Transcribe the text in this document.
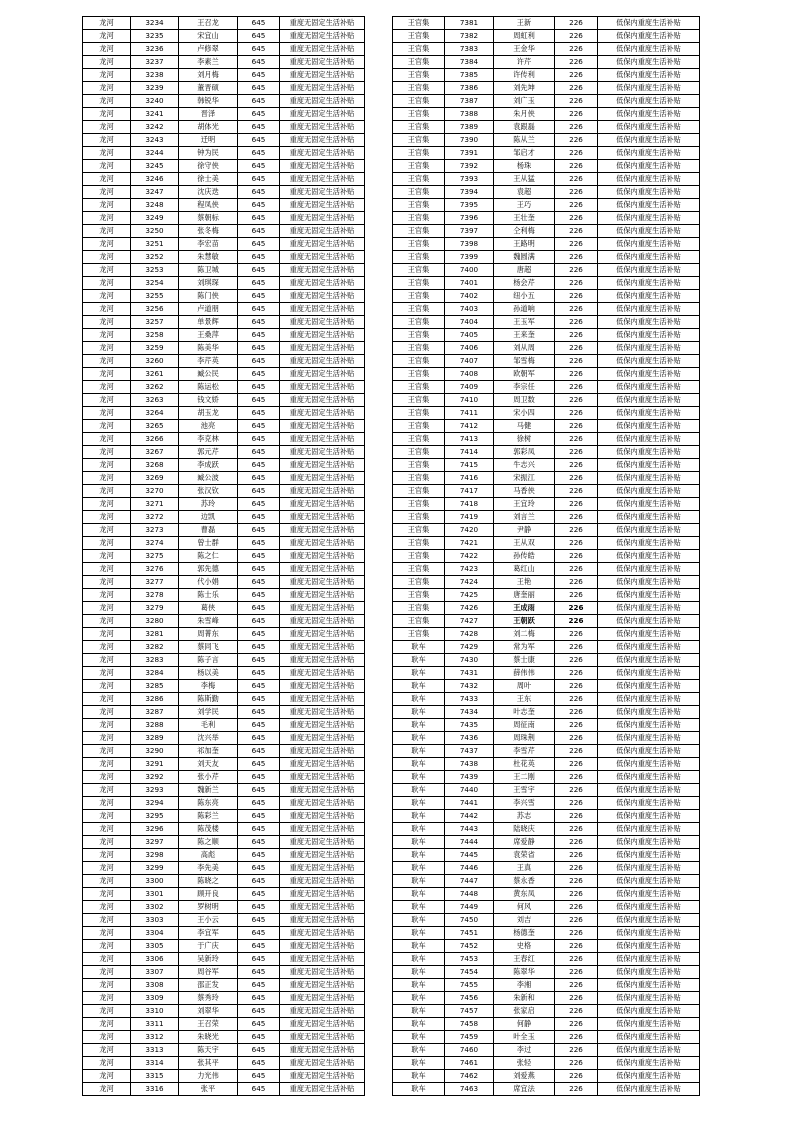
龙河	3234	王召龙	645	重度无固定生活补贴
龙河	3235	宋宜山	645	重度无固定生活补贴
龙河	3236	卢修翠	645	重度无固定生活补贴
龙河	3237	李素兰	645	重度无固定生活补贴
龙河	3238	刘月梅	645	重度无固定生活补贴
龙河	3239	董晋硕	645	重度无固定生活补贴
龙河	3240	韩锐华	645	重度无固定生活补贴
龙河	3241	晋泽	645	重度无固定生活补贴
龙河	3242	胡体光	645	重度无固定生活补贴
龙河	3243	迁明	645	重度无固定生活补贴
龙河	3244	钟为民	645	重度无固定生活补贴
龙河	3245	徐守侠	645	重度无固定生活补贴
龙河	3246	徐士美	645	重度无固定生活补贴
龙河	3247	沈庆迭	645	重度无固定生活补贴
龙河	3248	程凤侠	645	重度无固定生活补贴
龙河	3249	蔡朝标	645	重度无固定生活补贴
龙河	3250	张冬梅	645	重度无固定生活补贴
龙河	3251	李宏苗	645	重度无固定生活补贴
龙河	3252	朱慧敏	645	重度无固定生活补贴
龙河	3253	陈卫城	645	重度无固定生活补贴
龙河	3254	刘琪琛	645	重度无固定生活补贴
龙河	3255	陈门侠	645	重度无固定生活补贴
龙河	3256	卢道朋	645	重度无固定生活补贴
龙河	3257	单景辉	645	重度无固定生活补贴
龙河	3258	王桑萍	645	重度无固定生活补贴
龙河	3259	陈美华	645	重度无固定生活补贴
龙河	3260	李芹英	645	重度无固定生活补贴
龙河	3261	臧公民	645	重度无固定生活补贴
龙河	3262	陈运松	645	重度无固定生活补贴
龙河	3263	钱文娇	645	重度无固定生活补贴
龙河	3264	胡玉龙	645	重度无固定生活补贴
龙河	3265	池亮	645	重度无固定生活补贴
龙河	3266	李克林	645	重度无固定生活补贴
龙河	3267	郭元芹	645	重度无固定生活补贴
龙河	3268	李成跃	645	重度无固定生活补贴
龙河	3269	臧公波	645	重度无固定生活补贴
龙河	3270	张汉钦	645	重度无固定生活补贴
龙河	3271	苏玲	645	重度无固定生活补贴
龙河	3272	边凯	645	重度无固定生活补贴
龙河	3273	曹磊	645	重度无固定生活补贴
龙河	3274	曾士群	645	重度无固定生活补贴
龙河	3275	陈之仁	645	重度无固定生活补贴
龙河	3276	郭先德	645	重度无固定生活补贴
龙河	3277	代小娟	645	重度无固定生活补贴
龙河	3278	陈士乐	645	重度无固定生活补贴
龙河	3279	葛侠	645	重度无固定生活补贴
龙河	3280	朱雪峰	645	重度无固定生活补贴
龙河	3281	周菁东	645	重度无固定生活补贴
龙河	3282	蔡同飞	645	重度无固定生活补贴
龙河	3283	陈子言	645	重度无固定生活补贴
龙河	3284	杨以美	645	重度无固定生活补贴
龙河	3285	李梅	645	重度无固定生活补贴
龙河	3286	陈斯勤	645	重度无固定生活补贴
龙河	3287	刘学民	645	重度无固定生活补贴
龙河	3288	毛利	645	重度无固定生活补贴
龙河	3289	沈兴举	645	重度无固定生活补贴
龙河	3290	祁加奎	645	重度无固定生活补贴
龙河	3291	刘天友	645	重度无固定生活补贴
龙河	3292	张小芹	645	重度无固定生活补贴
龙河	3293	魏新兰	645	重度无固定生活补贴
龙河	3294	陈东亮	645	重度无固定生活补贴
龙河	3295	陈彩兰	645	重度无固定生活补贴
龙河	3296	陈茂楼	645	重度无固定生活补贴
龙河	3297	陈之顺	645	重度无固定生活补贴
龙河	3298	高彪	645	重度无固定生活补贴
龙河	3299	李先美	645	重度无固定生活补贴
龙河	3300	陈晓之	645	重度无固定生活补贴
龙河	3301	顾开良	645	重度无固定生活补贴
龙河	3302	罗树明	645	重度无固定生活补贴
龙河	3303	王小云	645	重度无固定生活补贴
龙河	3304	李宜军	645	重度无固定生活补贴
龙河	3305	于广庆	645	重度无固定生活补贴
龙河	3306	吴新玲	645	重度无固定生活补贴
龙河	3307	周谷军	645	重度无固定生活补贴
龙河	3308	邵正发	645	重度无固定生活补贴
龙河	3309	蔡秀玲	645	重度无固定生活补贴
龙河	3310	刘翠华	645	重度无固定生活补贴
龙河	3311	王召荣	645	重度无固定生活补贴
龙河	3312	朱晓光	645	重度无固定生活补贴
龙河	3313	陈天宇	645	重度无固定生活补贴
龙河	3314	张其平	645	重度无固定生活补贴
龙河	3315	力光伟	645	重度无固定生活补贴
龙河	3316	张平	645	重度无固定生活补贴
王官集	7381	王新	226	低保内重度生活补贴
王官集	7382	周虹利	226	低保内重度生活补贴
王官集	7383	王金华	226	低保内重度生活补贴
王官集	7384	许芹	226	低保内重度生活补贴
王官集	7385	许传利	226	低保内重度生活补贴
王官集	7386	刘先坤	226	低保内重度生活补贴
王官集	7387	刘广玉	226	低保内重度生活补贴
王官集	7388	朱月侠	226	低保内重度生活补贴
王官集	7389	袁跟磊	226	低保内重度生活补贴
王官集	7390	陈从兰	226	低保内重度生活补贴
王官集	7391	邹启才	226	低保内重度生活补贴
王官集	7392	杨珠	226	低保内重度生活补贴
王官集	7393	王从猛	226	低保内重度生活补贴
王官集	7394	袁超	226	低保内重度生活补贴
王官集	7395	王巧	226	低保内重度生活补贴
王官集	7396	王壮奎	226	低保内重度生活补贴
王官集	7397	仝利梅	226	低保内重度生活补贴
王官集	7398	王路明	226	低保内重度生活补贴
王官集	7399	魏圆满	226	低保内重度生活补贴
王官集	7400	唐超	226	低保内重度生活补贴
王官集	7401	杨会芹	226	低保内重度生活补贴
王官集	7402	纽小五	226	低保内重度生活补贴
王官集	7403	孙道响	226	低保内重度生活补贴
王官集	7404	王玉军	226	低保内重度生活补贴
王官集	7405	王来奎	226	低保内重度生活补贴
王官集	7406	刘从周	226	低保内重度生活补贴
王官集	7407	邹雪梅	226	低保内重度生活补贴
王官集	7408	欧朝军	226	低保内重度生活补贴
王官集	7409	李宗任	226	低保内重度生活补贴
王官集	7410	周卫数	226	低保内重度生活补贴
王官集	7411	宋小四	226	低保内重度生活补贴
王官集	7412	马健	226	低保内重度生活补贴
王官集	7413	徐树	226	低保内重度生活补贴
王官集	7414	郭彩凤	226	低保内重度生活补贴
王官集	7415	牛志兴	226	低保内重度生活补贴
王官集	7416	宋振江	226	低保内重度生活补贴
王官集	7417	马香侠	226	低保内重度生活补贴
王官集	7418	王宜玲	226	低保内重度生活补贴
王官集	7419	刘言兰	226	低保内重度生活补贴
王官集	7420	尹静	226	低保内重度生活补贴
王官集	7421	王从双	226	低保内重度生活补贴
王官集	7422	孙传皓	226	低保内重度生活补贴
王官集	7423	葛红山	226	低保内重度生活补贴
王官集	7424	王艳	226	低保内重度生活补贴
王官集	7425	唐奎丽	226	低保内重度生活补贴
王官集	7426	王成雨	226	低保内重度生活补贴
王官集	7427	王朝跃	226	低保内重度生活补贴
王官集	7428	刘二梅	226	低保内重度生活补贴
耿车	7429	常为军	226	低保内重度生活补贴
耿车	7430	蔡士康	226	低保内重度生活补贴
耿车	7431	薛伟伟	226	低保内重度生活补贴
耿车	7432	周叶	226	低保内重度生活补贴
耿车	7433	王东	226	低保内重度生活补贴
耿车	7434	叶志奎	226	低保内重度生活补贴
耿车	7435	周征南	226	低保内重度生活补贴
耿车	7436	周珠荆	226	低保内重度生活补贴
耿车	7437	李雪芹	226	低保内重度生活补贴
耿车	7438	杜花英	226	低保内重度生活补贴
耿车	7439	王二刚	226	低保内重度生活补贴
耿车	7440	王雪宇	226	低保内重度生活补贴
耿车	7441	李兴雪	226	低保内重度生活补贴
耿车	7442	苏志	226	低保内重度生活补贴
耿车	7443	陆晓庆	226	低保内重度生活补贴
耿车	7444	席爱静	226	低保内重度生活补贴
耿车	7445	袁荣省	226	低保内重度生活补贴
耿车	7446	王真	226	低保内重度生活补贴
耿车	7447	蔡永香	226	低保内重度生活补贴
耿车	7448	黄东凤	226	低保内重度生活补贴
耿车	7449	何风	226	低保内重度生活补贴
耿车	7450	刘吉	226	低保内重度生活补贴
耿车	7451	杨德奎	226	低保内重度生活补贴
耿车	7452	史格	226	低保内重度生活补贴
耿车	7453	王春红	226	低保内重度生活补贴
耿车	7454	陈翠华	226	低保内重度生活补贴
耿车	7455	李湘	226	低保内重度生活补贴
耿车	7456	朱新和	226	低保内重度生活补贴
耿车	7457	张家启	226	低保内重度生活补贴
耿车	7458	何静	226	低保内重度生活补贴
耿车	7459	叶全玉	226	低保内重度生活补贴
耿车	7460	李过	226	低保内重度生活补贴
耿车	7461	张轻	226	低保内重度生活补贴
耿车	7462	刘爱燕	226	低保内重度生活补贴
耿车	7463	席宜法	226	低保内重度生活补贴
